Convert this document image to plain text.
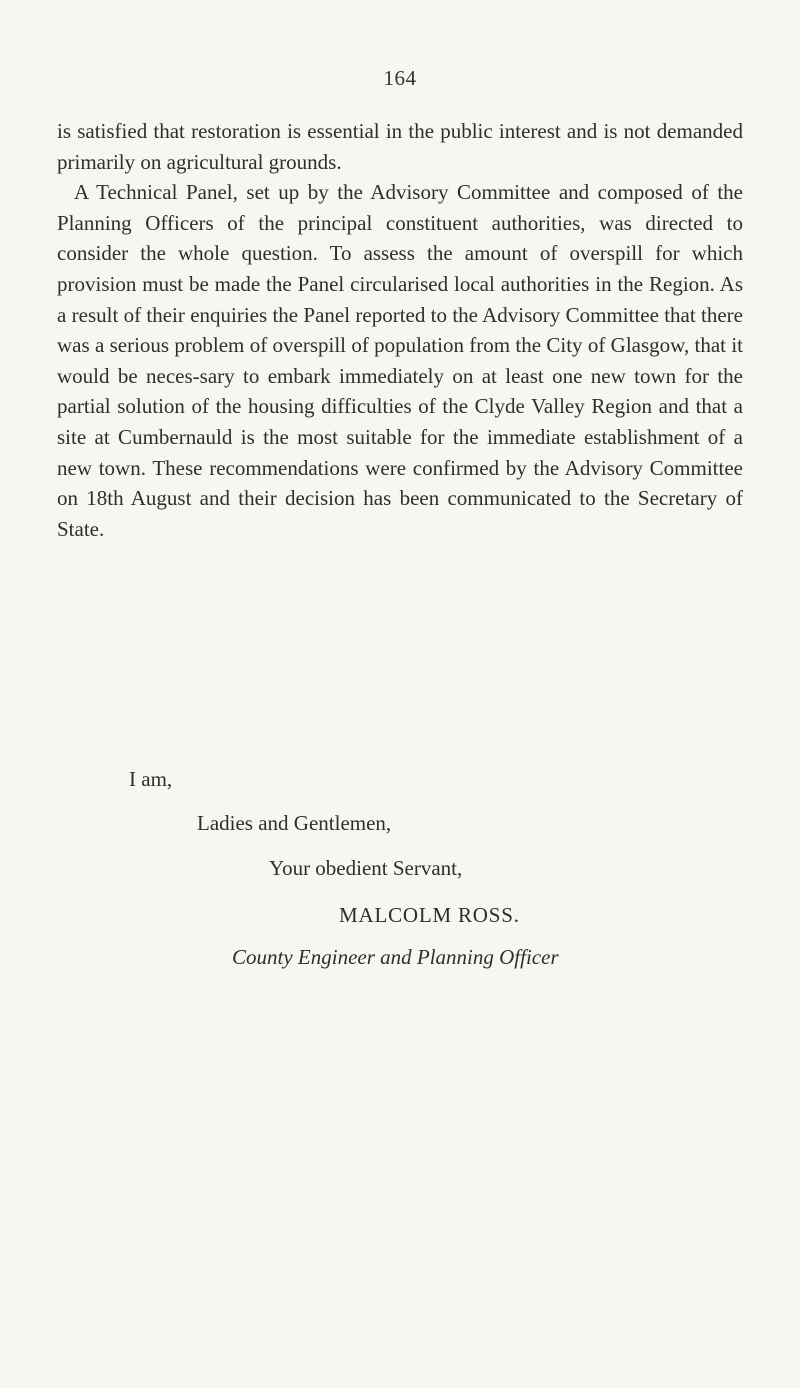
164

is satisfied that restoration is essential in the public interest and is not demanded primarily on agricultural grounds.

A Technical Panel, set up by the Advisory Committee and composed of the Planning Officers of the principal constituent authorities, was directed to consider the whole question. To assess the amount of overspill for which provision must be made the Panel circularised local authorities in the Region. As a result of their enquiries the Panel reported to the Advisory Committee that there was a serious problem of overspill of population from the City of Glasgow, that it would be neces-sary to embark immediately on at least one new town for the partial solution of the housing difficulties of the Clyde Valley Region and that a site at Cumbernauld is the most suitable for the immediate establishment of a new town. These recommendations were confirmed by the Advisory Committee on 18th August and their decision has been communicated to the Secretary of State.

I am,
Ladies and Gentlemen,
Your obedient Servant,
MALCOLM ROSS.
County Engineer and Planning Officer
